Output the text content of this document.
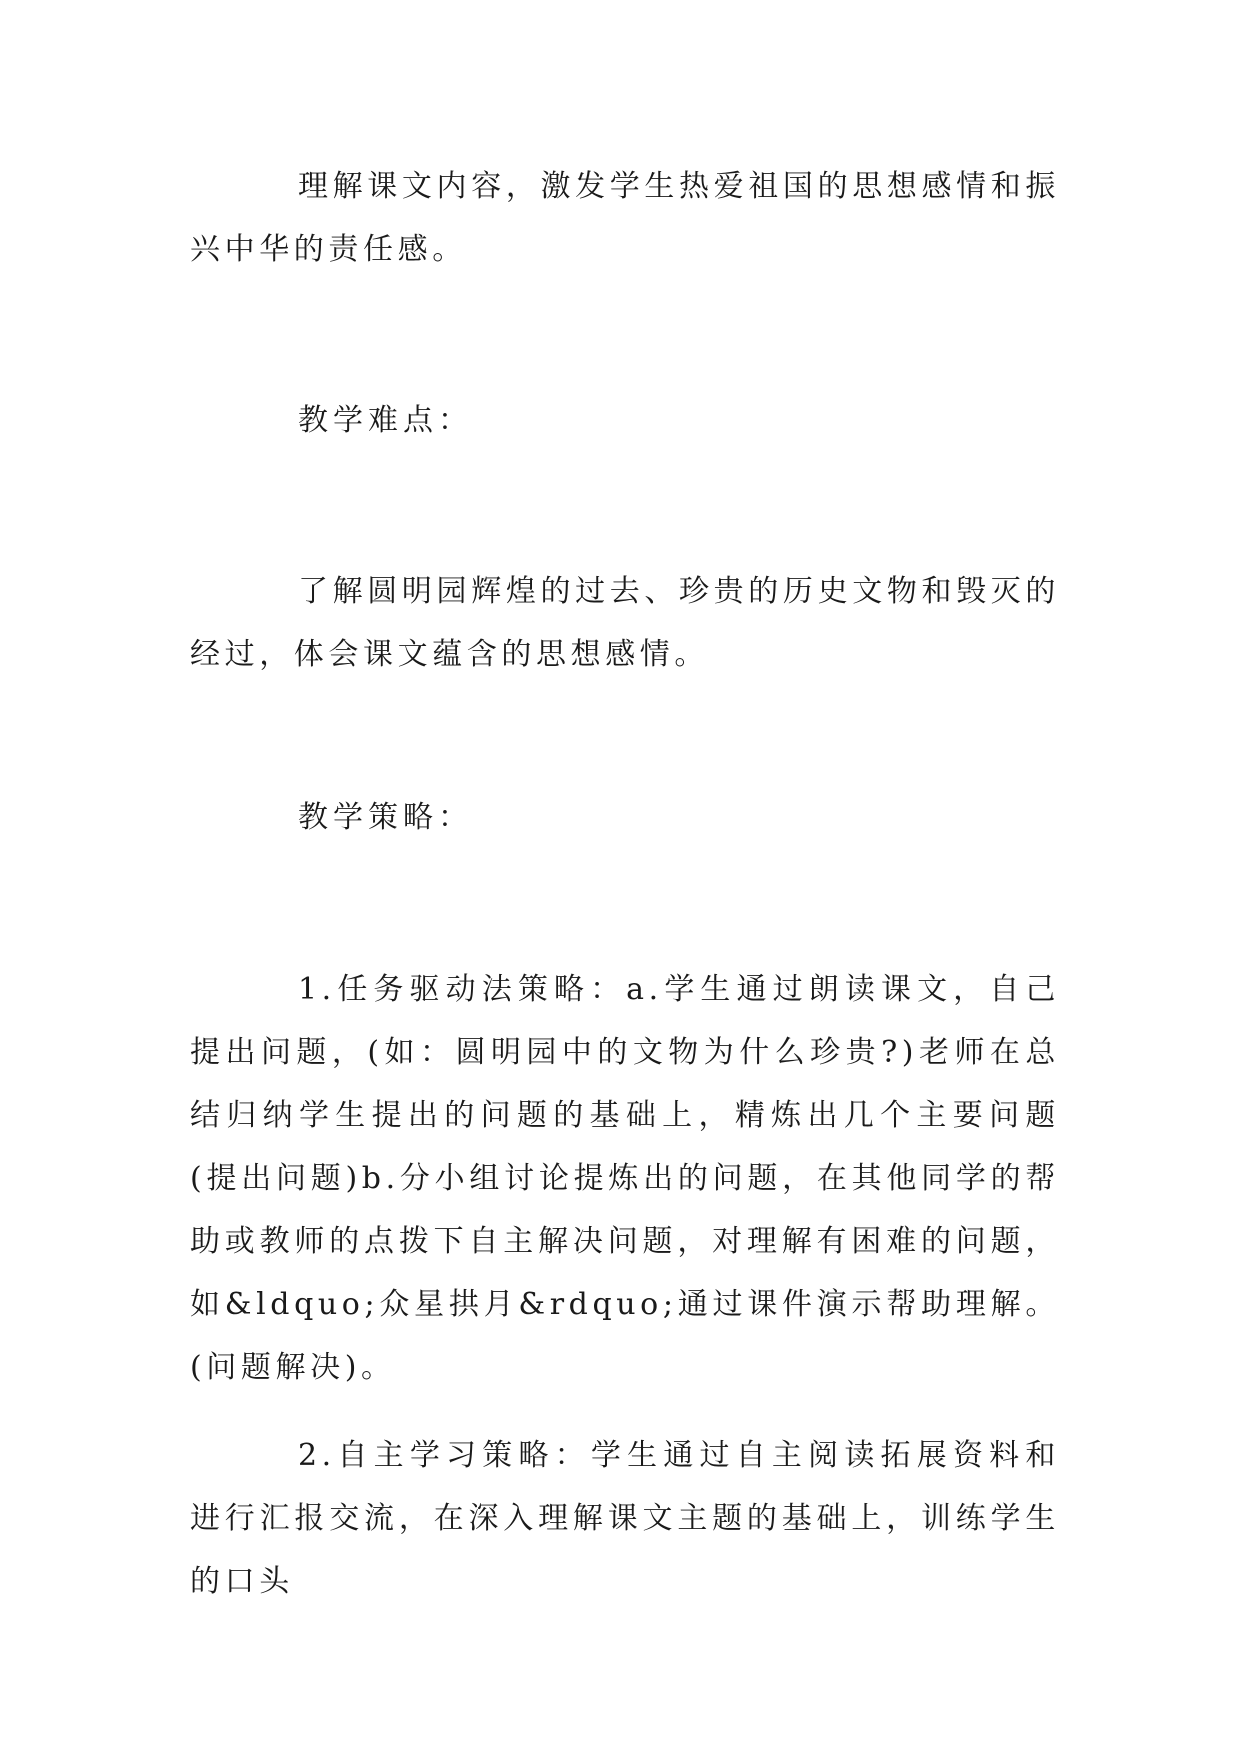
理解课文内容，激发学生热爱祖国的思想感情和振兴中华的责任感。

教学难点：

了解圆明园辉煌的过去、珍贵的历史文物和毁灭的经过，体会课文蕴含的思想感情。

教学策略：

1.任务驱动法策略：a.学生通过朗读课文，自己提出问题，(如：圆明园中的文物为什么珍贵?)老师在总结归纳学生提出的问题的基础上，精炼出几个主要问题(提出问题)b.分小组讨论提炼出的问题，在其他同学的帮助或教师的点拨下自主解决问题，对理解有困难的问题，如&ldquo;众星拱月&rdquo;通过课件演示帮助理解。(问题解决)。

2.自主学习策略：学生通过自主阅读拓展资料和进行汇报交流，在深入理解课文主题的基础上，训练学生的口头
